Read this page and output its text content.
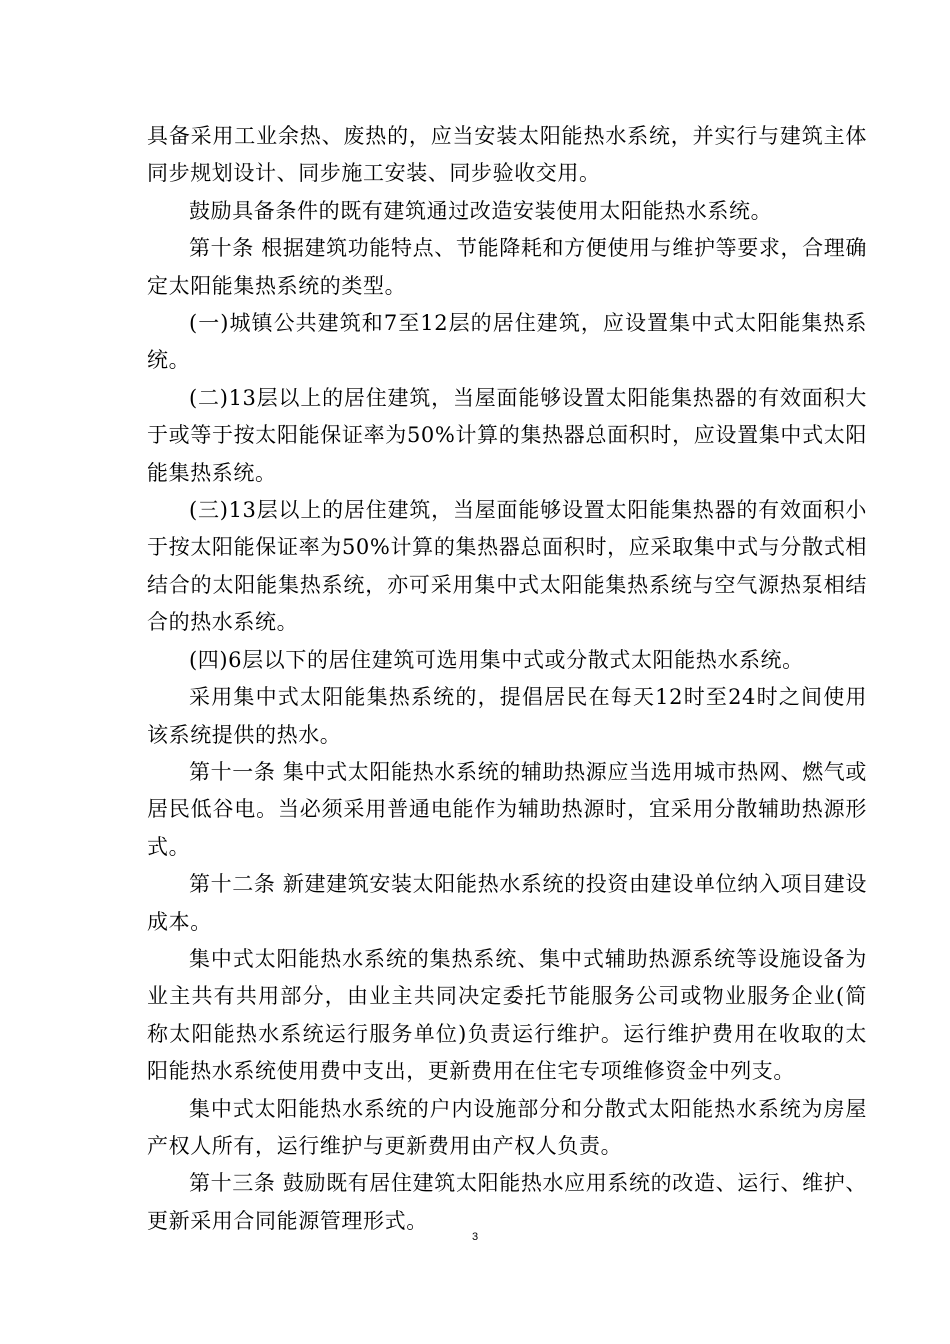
具备采用工业余热、废热的，应当安装太阳能热水系统，并实行与建筑主体同步规划设计、同步施工安装、同步验收交用。

鼓励具备条件的既有建筑通过改造安装使用太阳能热水系统。

第十条 根据建筑功能特点、节能降耗和方便使用与维护等要求，合理确定太阳能集热系统的类型。

(一)城镇公共建筑和7至12层的居住建筑，应设置集中式太阳能集热系统。

(二)13层以上的居住建筑，当屋面能够设置太阳能集热器的有效面积大于或等于按太阳能保证率为50%计算的集热器总面积时，应设置集中式太阳能集热系统。

(三)13层以上的居住建筑，当屋面能够设置太阳能集热器的有效面积小于按太阳能保证率为50%计算的集热器总面积时，应采取集中式与分散式相结合的太阳能集热系统，亦可采用集中式太阳能集热系统与空气源热泵相结合的热水系统。

(四)6层以下的居住建筑可选用集中式或分散式太阳能热水系统。

采用集中式太阳能集热系统的，提倡居民在每天12时至24时之间使用该系统提供的热水。

第十一条 集中式太阳能热水系统的辅助热源应当选用城市热网、燃气或居民低谷电。当必须采用普通电能作为辅助热源时，宜采用分散辅助热源形式。

第十二条 新建建筑安装太阳能热水系统的投资由建设单位纳入项目建设成本。

集中式太阳能热水系统的集热系统、集中式辅助热源系统等设施设备为业主共有共用部分，由业主共同决定委托节能服务公司或物业服务企业(简称太阳能热水系统运行服务单位)负责运行维护。运行维护费用在收取的太阳能热水系统使用费中支出，更新费用在住宅专项维修资金中列支。

集中式太阳能热水系统的户内设施部分和分散式太阳能热水系统为房屋产权人所有，运行维护与更新费用由产权人负责。

第十三条 鼓励既有居住建筑太阳能热水应用系统的改造、运行、维护、更新采用合同能源管理形式。

3
